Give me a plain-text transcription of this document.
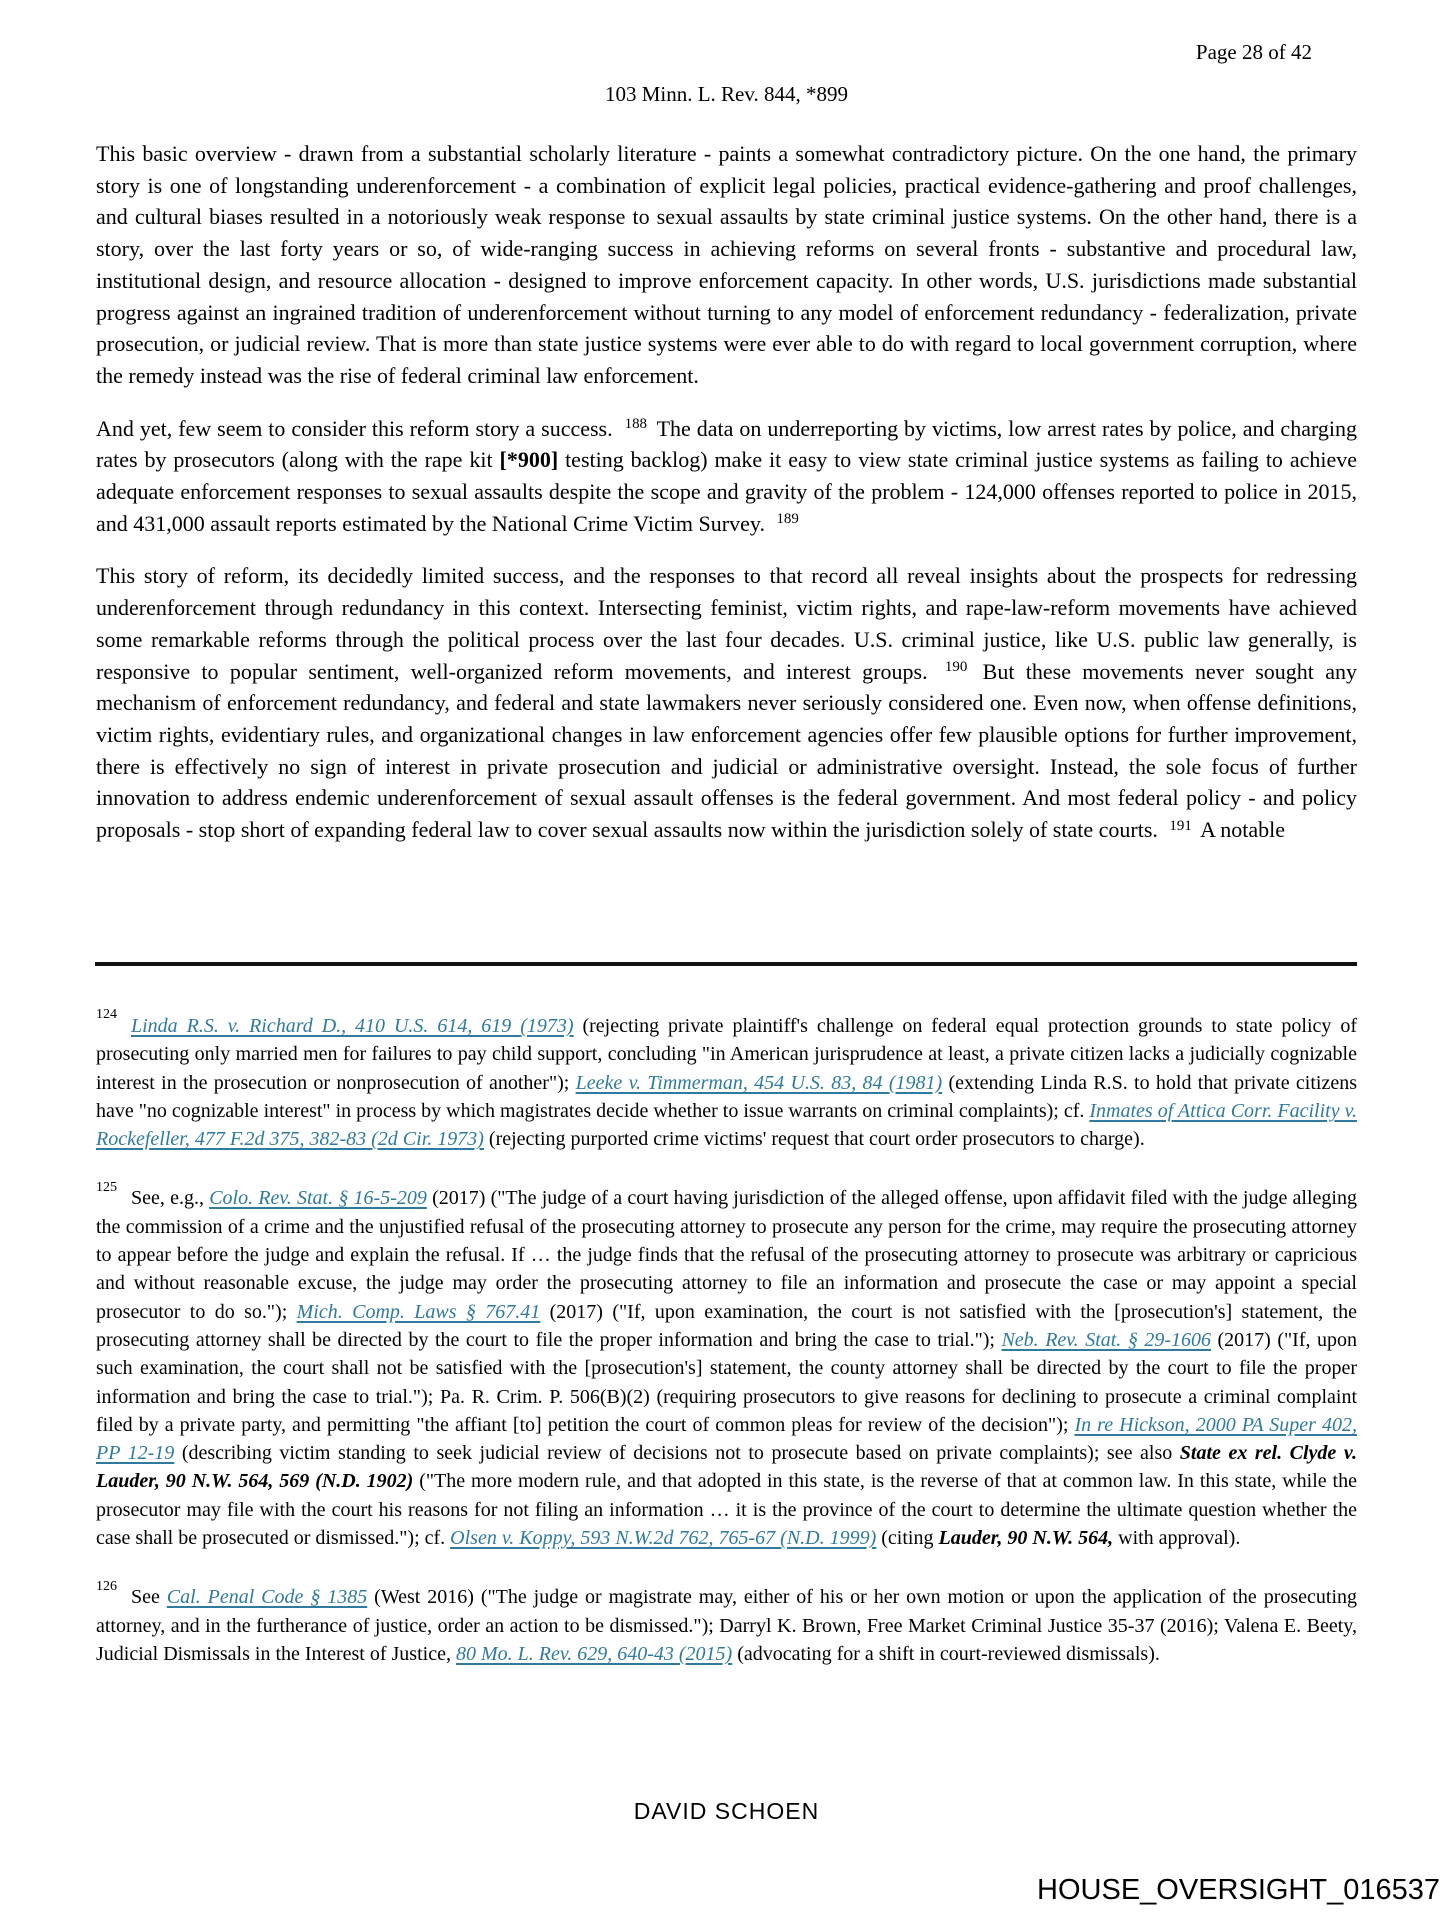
Page 28 of 42
103 Minn. L. Rev. 844, *899

This basic overview - drawn from a substantial scholarly literature - paints a somewhat contradictory picture. On the one hand, the primary story is one of longstanding underenforcement - a combination of explicit legal policies, practical evidence-gathering and proof challenges, and cultural biases resulted in a notoriously weak response to sexual assaults by state criminal justice systems. On the other hand, there is a story, over the last forty years or so, of wide-ranging success in achieving reforms on several fronts - substantive and procedural law, institutional design, and resource allocation - designed to improve enforcement capacity. In other words, U.S. jurisdictions made substantial progress against an ingrained tradition of underenforcement without turning to any model of enforcement redundancy - federalization, private prosecution, or judicial review. That is more than state justice systems were ever able to do with regard to local government corruption, where the remedy instead was the rise of federal criminal law enforcement.

And yet, few seem to consider this reform story a success. $^{188}$ The data on underreporting by victims, low arrest rates by police, and charging rates by prosecutors (along with the rape kit [*900] testing backlog) make it easy to view state criminal justice systems as failing to achieve adequate enforcement responses to sexual assaults despite the scope and gravity of the problem - 124,000 offenses reported to police in 2015, and 431,000 assault reports estimated by the National Crime Victim Survey. $^{189}$

This story of reform, its decidedly limited success, and the responses to that record all reveal insights about the prospects for redressing underenforcement through redundancy in this context. Intersecting feminist, victim rights, and rape-law-reform movements have achieved some remarkable reforms through the political process over the last four decades. U.S. criminal justice, like U.S. public law generally, is responsive to popular sentiment, well-organized reform movements, and interest groups. $^{190}$ But these movements never sought any mechanism of enforcement redundancy, and federal and state lawmakers never seriously considered one. Even now, when offense definitions, victim rights, evidentiary rules, and organizational changes in law enforcement agencies offer few plausible options for further improvement, there is effectively no sign of interest in private prosecution and judicial or administrative oversight. Instead, the sole focus of further innovation to address endemic underenforcement of sexual assault offenses is the federal government. And most federal policy - and policy proposals - stop short of expanding federal law to cover sexual assaults now within the jurisdiction solely of state courts. $^{191}$ A notable

$^{124}$Linda R.S. v. Richard D., 410 U.S. 614, 619 (1973) (rejecting private plaintiff's challenge on federal equal protection grounds to state policy of prosecuting only married men for failures to pay child support, concluding "in American jurisprudence at least, a private citizen lacks a judicially cognizable interest in the prosecution or nonprosecution of another"); Leeke v. Timmerman, 454 U.S. 83, 84 (1981) (extending Linda R.S. to hold that private citizens have "no cognizable interest" in process by which magistrates decide whether to issue warrants on criminal complaints); cf. Inmates of Attica Corr. Facility v. Rockefeller, 477 F.2d 375, 382-83 (2d Cir. 1973) (rejecting purported crime victims' request that court order prosecutors to charge).

$^{125}$See, e.g., Colo. Rev. Stat. § 16-5-209 (2017) ("The judge of a court having jurisdiction of the alleged offense, upon affidavit filed with the judge alleging the commission of a crime and the unjustified refusal of the prosecuting attorney to prosecute any person for the crime, may require the prosecuting attorney to appear before the judge and explain the refusal. If … the judge finds that the refusal of the prosecuting attorney to prosecute was arbitrary or capricious and without reasonable excuse, the judge may order the prosecuting attorney to file an information and prosecute the case or may appoint a special prosecutor to do so."); Mich. Comp. Laws § 767.41 (2017) ("If, upon examination, the court is not satisfied with the [prosecution's] statement, the prosecuting attorney shall be directed by the court to file the proper information and bring the case to trial."); Neb. Rev. Stat. § 29-1606 (2017) ("If, upon such examination, the court shall not be satisfied with the [prosecution's] statement, the county attorney shall be directed by the court to file the proper information and bring the case to trial."); Pa. R. Crim. P. 506(B)(2) (requiring prosecutors to give reasons for declining to prosecute a criminal complaint filed by a private party, and permitting "the affiant [to] petition the court of common pleas for review of the decision"); In re Hickson, 2000 PA Super 402, PP 12-19 (describing victim standing to seek judicial review of decisions not to prosecute based on private complaints); see also State ex rel. Clyde v. Lauder, 90 N.W. 564, 569 (N.D. 1902) ("The more modern rule, and that adopted in this state, is the reverse of that at common law. In this state, while the prosecutor may file with the court his reasons for not filing an information … it is the province of the court to determine the ultimate question whether the case shall be prosecuted or dismissed."); cf. Olsen v. Koppy, 593 N.W.2d 762, 765-67 (N.D. 1999) (citing Lauder, 90 N.W. 564, with approval).

$^{126}$See Cal. Penal Code § 1385 (West 2016) ("The judge or magistrate may, either of his or her own motion or upon the application of the prosecuting attorney, and in the furtherance of justice, order an action to be dismissed."); Darryl K. Brown, Free Market Criminal Justice 35-37 (2016); Valena E. Beety, Judicial Dismissals in the Interest of Justice, 80 Mo. L. Rev. 629, 640-43 (2015) (advocating for a shift in court-reviewed dismissals).

DAVID SCHOEN
HOUSE_OVERSIGHT_016537
